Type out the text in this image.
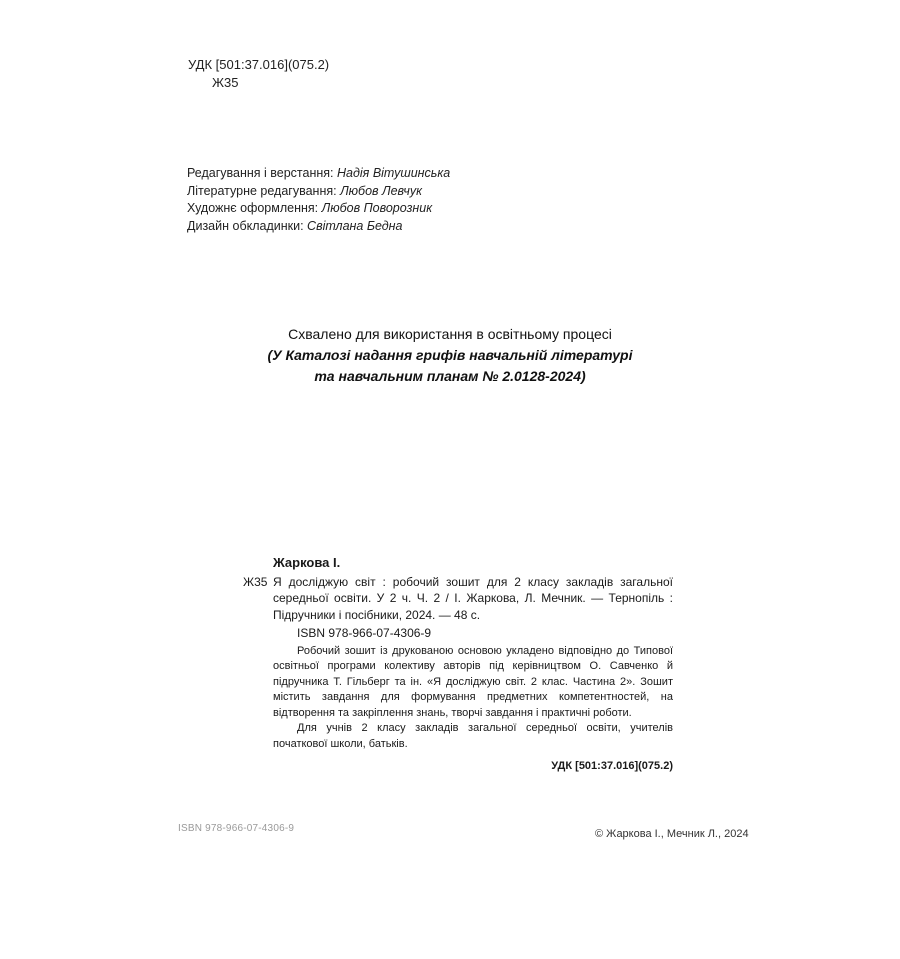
УДК [501:37.016](075.2)
Ж35
Редагування і верстання: Надія Вітушинська
Літературне редагування: Любов Левчук
Художнє оформлення: Любов Поворозник
Дизайн обкладинки: Світлана Бедна
Схвалено для використання в освітньому процесі
(У Каталозі надання грифів навчальній літературі
та навчальним планам № 2.0128-2024)
Жаркова І.
Ж35 Я досліджую світ : робочий зошит для 2 класу закладів загальної середньої освіти. У 2 ч. Ч. 2 / І. Жаркова, Л. Мечник. — Тернопіль : Підручники і посібники, 2024. — 48 с.
ISBN 978-966-07-4306-9

Робочий зошит із друкованою основою укладено відповідно до Типової освітньої програми колективу авторів під керівництвом О. Савченко й підручника Т. Гільберг та ін. «Я досліджую світ. 2 клас. Частина 2». Зошит містить завдання для формування предметних компетентностей, на відтворення та закріплення знань, творчі завдання і практичні роботи.

Для учнів 2 класу закладів загальної середньої освіти, учителів початкової школи, батьків.

УДК [501:37.016](075.2)
ISBN 978-966-07-4306-9	© Жаркова І., Мечник Л., 2024
